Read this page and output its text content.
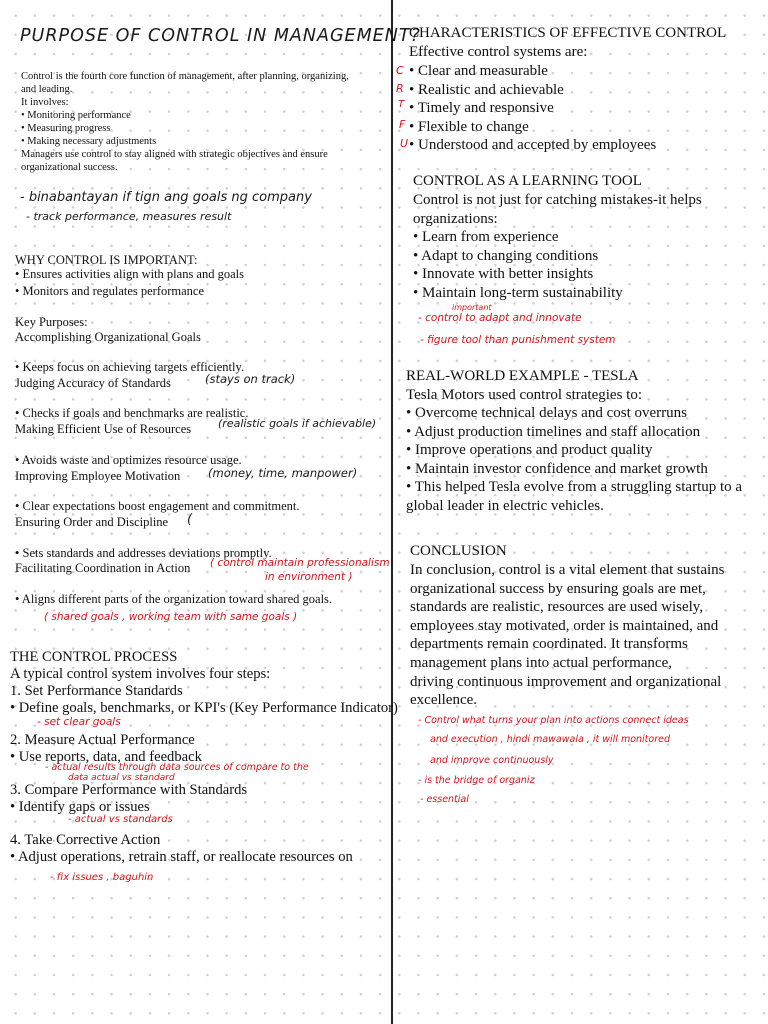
PURPOSE OF CONTROL IN MANAGEMENT?
Control is the fourth core function of management, after planning, organizing,
and leading.
It involves:
• Monitoring performance
• Measuring progress
• Making necessary adjustments
Managers use control to stay aligned with strategic objectives and ensure
organizational success.
- binabantayan if tign ang goals ng company
- track performance, measures result
WHY CONTROL IS IMPORTANT:
• Ensures activities align with plans and goals
• Monitors and regulates performance
Key Purposes:
Accomplishing Organizational Goals
• Keeps focus on achieving targets efficiently.
Judging Accuracy of Standards	(stays on track)
• Checks if goals and benchmarks are realistic.
Making Efficient Use of Resources (realistic goals if achievable)
• Avoids waste and optimizes resource usage.
Improving Employee Motivation (money, time, manpower)
• Clear expectations boost engagement and commitment.
Ensuring Order and Discipline (
• Sets standards and addresses deviations promptly.
Facilitating Coordination in Action ( control maintain professionalism
in environment )
• Aligns different parts of the organization toward shared goals.
( shared goals , working team with same goals )
THE CONTROL PROCESS
A typical control system involves four steps:
1. Set Performance Standards
• Define goals, benchmarks, or KPI's (Key Performance Indicator)
- set clear goals
2. Measure Actual Performance
• Use reports, data, and feedback
- actual results through data sources of compare to the
data actual vs standard
3. Compare Performance with Standards
• Identify gaps or issues
- actual vs standards
4. Take Corrective Action
• Adjust operations, retrain staff, or reallocate resources on
- fix issues , baguhin
CHARACTERISTICS OF EFFECTIVE CONTROL
Effective control systems are:
• Clear and measurable
• Realistic and achievable
• Timely and responsive
• Flexible to change
• Understood and accepted by employees
C
R
T
F
U
CONTROL AS A LEARNING TOOL
Control is not just for catching mistakes-it helps
organizations:
• Learn from experience
• Adapt to changing conditions
• Innovate with better insights
• Maintain long-term sustainability
important
- control to adapt and innovate
- figure tool than punishment system
REAL-WORLD EXAMPLE - TESLA
Tesla Motors used control strategies to:
• Overcome technical delays and cost overruns
• Adjust production timelines and staff allocation
• Improve operations and product quality
• Maintain investor confidence and market growth
• This helped Tesla evolve from a struggling startup to a
global leader in electric vehicles.
CONCLUSION
In conclusion, control is a vital element that sustains
organizational success by ensuring goals are met,
standards are realistic, resources are used wisely,
employees stay motivated, order is maintained, and
departments remain coordinated. It transforms
management plans into actual performance,
driving continuous improvement and organizational
excellence.
- Control what turns your plan into actions connect ideas
and execution , hindi mawawala , it will monitored
and improve continuously
- is the bridge of organiz
- essential
